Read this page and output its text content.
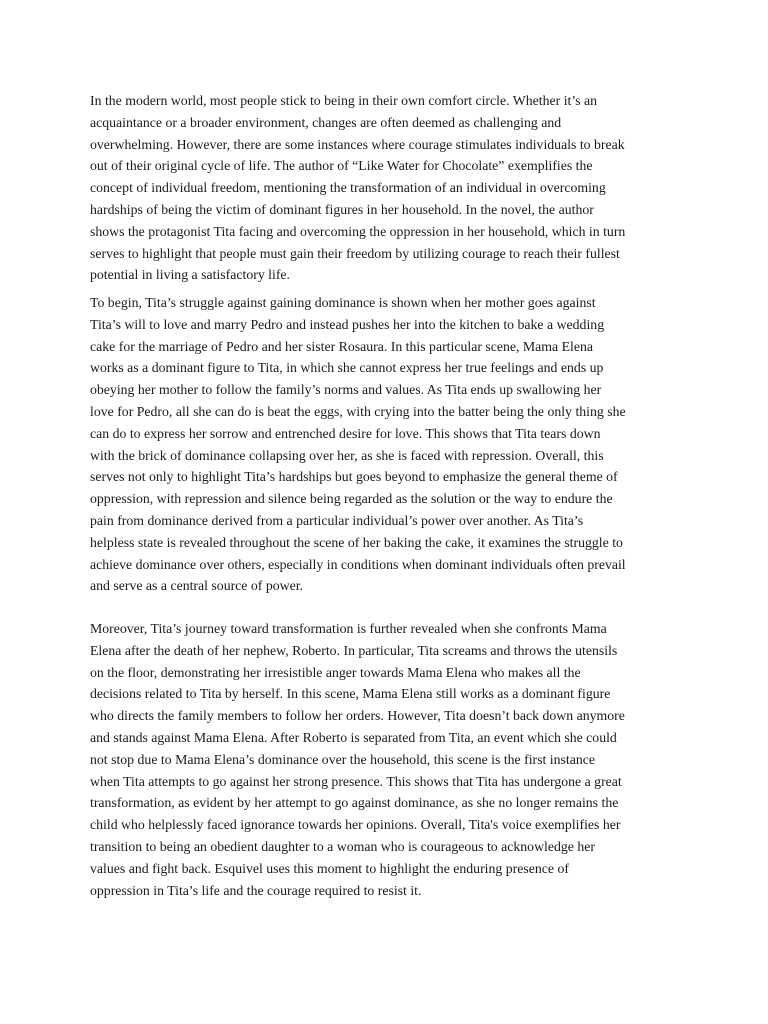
In the modern world, most people stick to being in their own comfort circle. Whether it’s an
acquaintance or a broader environment, changes are often deemed as challenging and
overwhelming. However, there are some instances where courage stimulates individuals to break
out of their original cycle of life. The author of “Like Water for Chocolate” exemplifies the
concept of individual freedom, mentioning the transformation of an individual in overcoming
hardships of being the victim of dominant figures in her household. In the novel, the author
shows the protagonist Tita facing and overcoming the oppression in her household, which in turn
serves to highlight that people must gain their freedom by utilizing courage to reach their fullest
potential in living a satisfactory life.

To begin, Tita’s struggle against gaining dominance is shown when her mother goes against
Tita’s will to love and marry Pedro and instead pushes her into the kitchen to bake a wedding
cake for the marriage of Pedro and her sister Rosaura. In this particular scene, Mama Elena
works as a dominant figure to Tita, in which she cannot express her true feelings and ends up
obeying her mother to follow the family’s norms and values. As Tita ends up swallowing her
love for Pedro, all she can do is beat the eggs, with crying into the batter being the only thing she
can do to express her sorrow and entrenched desire for love. This shows that Tita tears down
with the brick of dominance collapsing over her, as she is faced with repression. Overall, this
serves not only to highlight Tita’s hardships but goes beyond to emphasize the general theme of
oppression, with repression and silence being regarded as the solution or the way to endure the
pain from dominance derived from a particular individual’s power over another. As Tita’s
helpless state is revealed throughout the scene of her baking the cake, it examines the struggle to
achieve dominance over others, especially in conditions when dominant individuals often prevail
and serve as a central source of power.

Moreover, Tita’s journey toward transformation is further revealed when she confronts Mama
Elena after the death of her nephew, Roberto. In particular, Tita screams and throws the utensils
on the floor, demonstrating her irresistible anger towards Mama Elena who makes all the
decisions related to Tita by herself. In this scene, Mama Elena still works as a dominant figure
who directs the family members to follow her orders. However, Tita doesn’t back down anymore
and stands against Mama Elena. After Roberto is separated from Tita, an event which she could
not stop due to Mama Elena’s dominance over the household, this scene is the first instance
when Tita attempts to go against her strong presence. This shows that Tita has undergone a great
transformation, as evident by her attempt to go against dominance, as she no longer remains the
child who helplessly faced ignorance towards her opinions. Overall, Tita's voice exemplifies her
transition to being an obedient daughter to a woman who is courageous to acknowledge her
values and fight back. Esquivel uses this moment to highlight the enduring presence of
oppression in Tita’s life and the courage required to resist it.
